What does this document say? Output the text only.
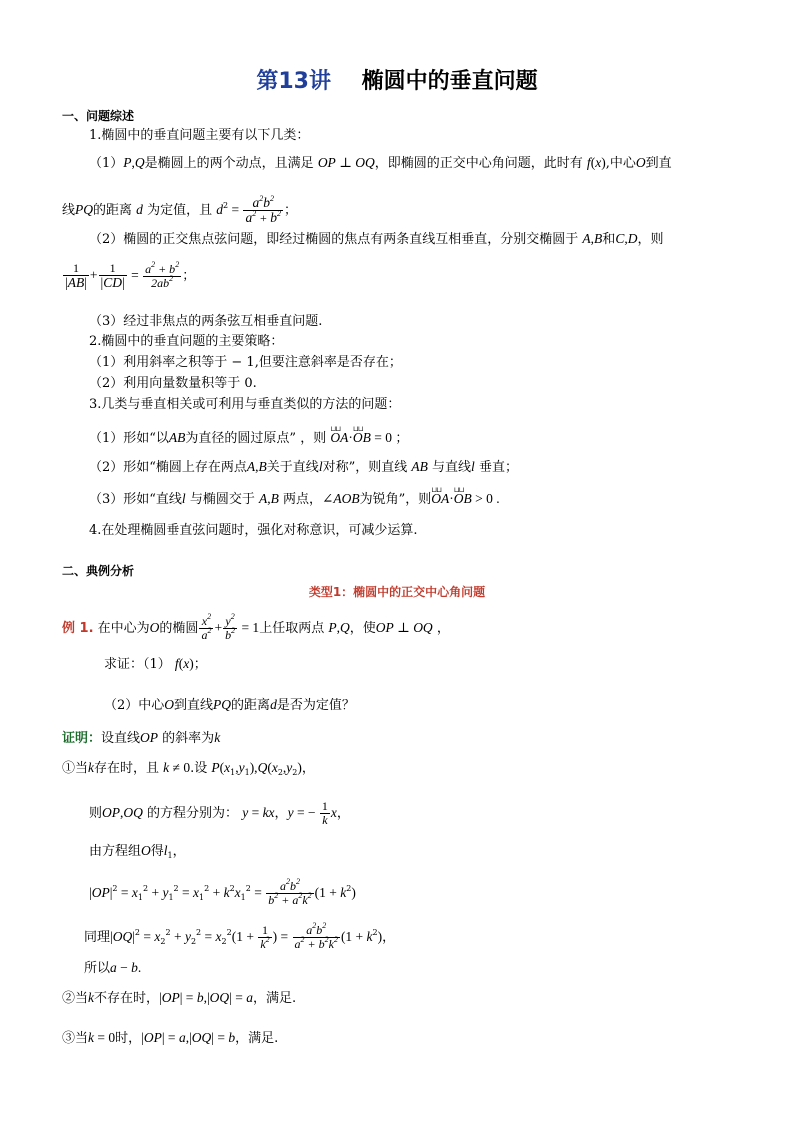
第13讲 椭圆中的垂直问题
一、问题综述
1.椭圆中的垂直问题主要有以下几类：
（1）P,Q是椭圆上的两个动点，且满足 OP ⊥ OQ，即椭圆的正交中心角问题，此时有 f(x),中心O到直
线PQ的距离 d 为定值，且 $d^2 = \frac{a^2b^2}{a^2 + b^2}$ ；
（2）椭圆的正交焦点弦问题，即经过椭圆的焦点有两条直线互相垂直，分别交椭圆于 A,B和C,D，则
$\frac{1}{|AB|} + \frac{1}{|CD|} = \frac{a^2 + b^2}{2ab^2}$ ；
（3）经过非焦点的两条弦互相垂直问题.
2.椭圆中的垂直问题的主要策略：
（1）利用斜率之积等于 − 1,但要注意斜率是否存在；
（2）利用向量数量积等于 0.
3.几类与垂直相关或可利用与垂直类似的方法的问题：
（1）形如“以AB为直径的圆过原点” ，则 ⊔⊔ OA·⊔⊔ OB = 0 ；
（2）形如“椭圆上存在两点A,B关于直线l对称”，则直线 AB 与直线l 垂直；
（3）形如“直线l 与椭圆交于 A,B 两点，∠AOB为锐角”，则⊔⊔ OA·⊔⊔ OB > 0 .
4.在处理椭圆垂直弦问题时，强化对称意识，可减少运算.
二、典例分析
类型1：椭圆中的正交中心角问题
例 1. 在中心为O的椭圆 $\frac{x^2}{a^2} + \frac{y^2}{b^2} = 1$上任取两点 P,Q，使OP ⊥ OQ ，
求证：（1） f(x)；
（2）中心O到直线PQ的距离d是否为定值？
证明：设直线OP 的斜率为k
①当k存在时，且 k ≠ 0.设 $P(x_1,y_1),Q(x_2,y_2)$，
则OP,OQ 的方程分别为： y = kx，y = − $\frac{1}{k}$ x，
由方程组O得$l_1$，
$|OP|^2 = x_1^2 + y_1^2 = x_1^2 + k^2x_1^2 = \frac{a^2b^2}{b^2 + a^2k^2} (1 + k^2)$
同理$|OQ|^2 = x_2^2 + y_2^2 = x_2^2(1 + \frac{1}{k^2}$ ) = $\frac{a^2b^2}{a^2 + b^2k^2} (1 + k^2)$，
所以a − b.
②当k不存在时，|OP| = b,|OQ| = a，满足.
③当k = 0时，|OP| = a,|OQ| = b，满足.
